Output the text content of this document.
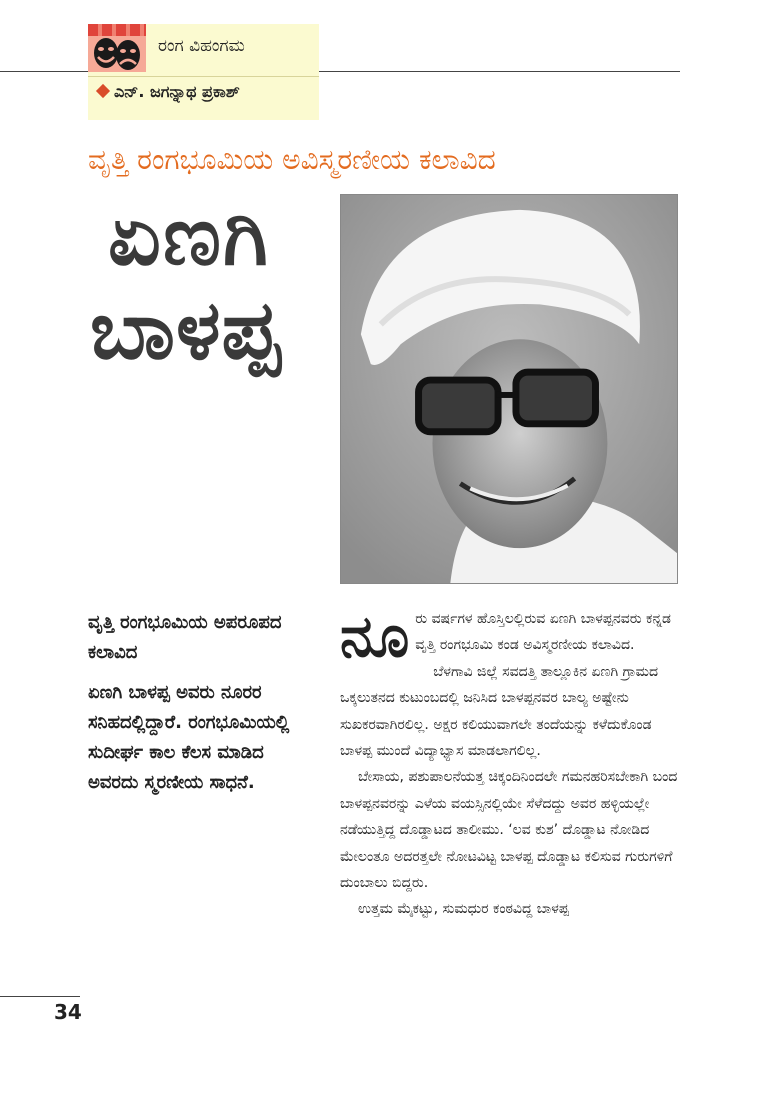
ರಂಗ ವಿಹಂಗಮ
ಎನ್. ಜಗನ್ನಾಥ ಪ್ರಕಾಶ್
ವೃತ್ತಿ ರಂಗಭೂಮಿಯ ಅವಿಸ್ಮರಣೀಯ ಕಲಾವಿದ
ಏಣಗಿ
ಬಾಳಪ್ಪ

ವೃತ್ತಿ ರಂಗಭೂಮಿಯ ಅಪರೂಪದ ಕಲಾವಿದ

ಏಣಗಿ ಬಾಳಪ್ಪ ಅವರು ನೂರರ ಸನಿಹದಲ್ಲಿದ್ದಾರೆ. ರಂಗಭೂಮಿಯಲ್ಲಿ ಸುದೀರ್ಘ ಕಾಲ ಕೆಲಸ ಮಾಡಿದ ಅವರದು ಸ್ಮರಣೀಯ ಸಾಧನೆ.

ನೂ ರು ವರ್ಷಗಳ ಹೊಸ್ತಿಲಲ್ಲಿರುವ ಏಣಗಿ ಬಾಳಪ್ಪನವರು ಕನ್ನಡ ವೃತ್ತಿ ರಂಗಭೂಮಿ ಕಂಡ ಅವಿಸ್ಮರಣೀಯ ಕಲಾವಿದ.

ಬೆಳಗಾವಿ ಜಿಲ್ಲೆ ಸವದತ್ತಿ ತಾಲ್ಲೂಕಿನ ಏಣಗಿ ಗ್ರಾಮದ ಒಕ್ಕಲುತನದ ಕುಟುಂಬದಲ್ಲಿ ಜನಿಸಿದ ಬಾಳಪ್ಪನವರ ಬಾಲ್ಯ ಅಷ್ಟೇನು ಸುಖಕರವಾಗಿರಲಿಲ್ಲ. ಅಕ್ಷರ ಕಲಿಯುವಾಗಲೇ ತಂದೆಯನ್ನು ಕಳೆದುಕೊಂಡ ಬಾಳಪ್ಪ ಮುಂದೆ ವಿದ್ಯಾಭ್ಯಾಸ ಮಾಡಲಾಗಲಿಲ್ಲ.

ಬೇಸಾಯ, ಪಶುಪಾಲನೆಯತ್ತ ಚಿಕ್ಕಂದಿನಿಂದಲೇ ಗಮನಹರಿಸಬೇಕಾಗಿ ಬಂದ ಬಾಳಪ್ಪನವರನ್ನು ಎಳೆಯ ವಯಸ್ಸಿನಲ್ಲಿಯೇ ಸೆಳೆದದ್ದು ಅವರ ಹಳ್ಳಿಯಲ್ಲೇ ನಡೆಯುತ್ತಿದ್ದ ದೊಡ್ಡಾಟದ ತಾಲೀಮು. ‘ಲವ ಕುಶ’ ದೊಡ್ಡಾಟ ನೋಡಿದ ಮೇಲಂತೂ ಅದರತ್ತಲೇ ನೋಟವಿಟ್ಟ ಬಾಳಪ್ಪ ದೊಡ್ಡಾಟ ಕಲಿಸುವ ಗುರುಗಳಿಗೆ ದುಂಬಾಲು ಬಿದ್ದರು.

ಉತ್ತಮ ಮೈಕಟ್ಟು, ಸುಮಧುರ ಕಂಠವಿದ್ದ ಬಾಳಪ್ಪ

34
